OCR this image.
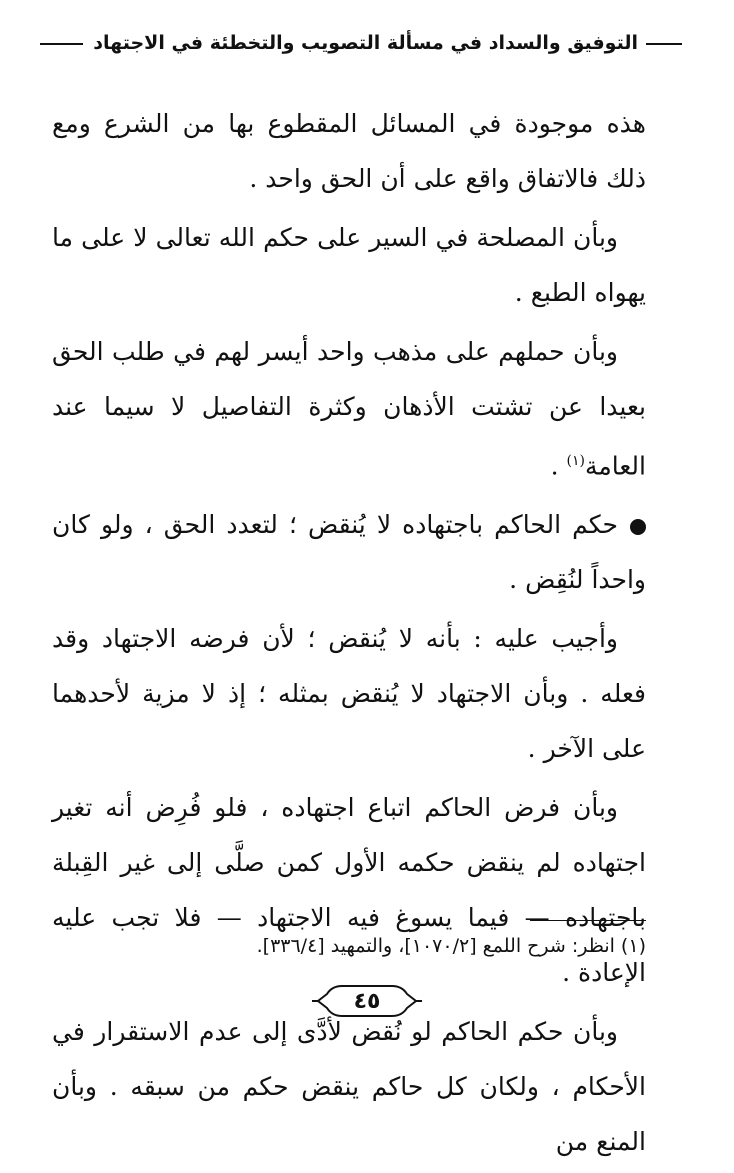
التوفيق والسداد في مسألة التصويب والتخطئة في الاجتهاد

هذه موجودة في المسائل المقطوع بها من الشرع ومع ذلك فالاتفاق واقع على أن الحق واحد .

وبأن المصلحة في السير على حكم الله تعالى لا على ما يهواه الطبع .

وبأن حملهم على مذهب واحد أيسر لهم في طلب الحق بعيدا عن تشتت الأذهان وكثرة التفاصيل لا سيما عند العامة$^{(١)}$ .

حكم الحاكم باجتهاده لا يُنقض ؛ لتعدد الحق ، ولو كان واحداً لنُقِض .

وأجيب عليه : بأنه لا يُنقض ؛ لأن فرضه الاجتهاد وقد فعله . وبأن الاجتهاد لا يُنقض بمثله ؛ إذ لا مزية لأحدهما على الآخر .

وبأن فرض الحاكم اتباع اجتهاده ، فلو فُرِض أنه تغير اجتهاده لم ينقض حكمه الأول كمن صلَّى إلى غير القِبلة باجتهاده — فيما يسوغ فيه الاجتهاد — فلا تجب عليه الإعادة .

وبأن حكم الحاكم لو نُقض لأدَّى إلى عدم الاستقرار في الأحكام ، ولكان كل حاكم ينقض حكم من سبقه . وبأن المنع من

(١) انظر: شرح اللمع [١٠٧٠/٢]، والتمهيد [٣٣٦/٤].
٤٥
